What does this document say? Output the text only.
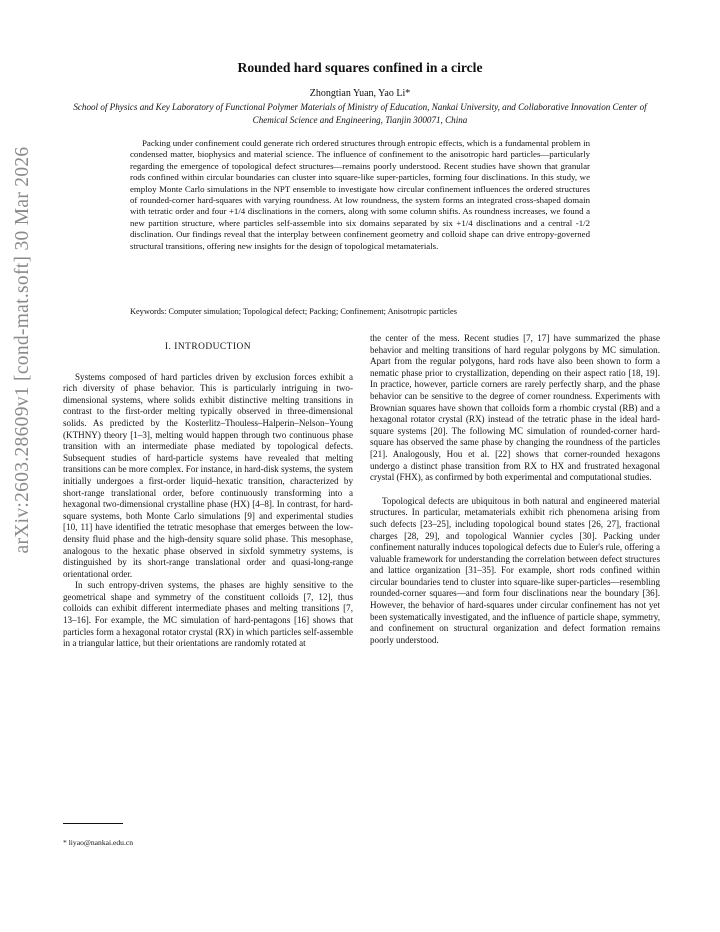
arXiv:2603.28609v1 [cond-mat.soft] 30 Mar 2026
Rounded hard squares confined in a circle
Zhongtian Yuan, Yao Li*
School of Physics and Key Laboratory of Functional Polymer Materials of Ministry of Education, Nankai University, and Collaborative Innovation Center of Chemical Science and Engineering, Tianjin 300071, China

Packing under confinement could generate rich ordered structures through entropic effects, which is a fundamental problem in condensed matter, biophysics and material science. The influence of confinement to the anisotropic hard particles—particularly regarding the emergence of topological defect structures—remains poorly understood. Recent studies have shown that granular rods confined within circular boundaries can cluster into square-like super-particles, forming four disclinations. In this study, we employ Monte Carlo simulations in the NPT ensemble to investigate how circular confinement influences the ordered structures of rounded-corner hard-squares with varying roundness. At low roundness, the system forms an integrated cross-shaped domain with tetratic order and four +1/4 disclinations in the corners, along with some column shifts. As roundness increases, we found a new partition structure, where particles self-assemble into six domains separated by six +1/4 disclinations and a central -1/2 disclination. Our findings reveal that the interplay between confinement geometry and colloid shape can drive entropy-governed structural transitions, offering new insights for the design of topological metamaterials.

Keywords: Computer simulation; Topological defect; Packing; Confinement; Anisotropic particles
I. INTRODUCTION

Systems composed of hard particles driven by exclusion forces exhibit a rich diversity of phase behavior. This is particularly intriguing in two-dimensional systems, where solids exhibit distinctive melting transitions in contrast to the first-order melting typically observed in three-dimensional solids. As predicted by the Kosterlitz–Thouless–Halperin–Nelson–Young (KTHNY) theory [1–3], melting would happen through two continuous phase transition with an intermediate phase mediated by topological defects. Subsequent studies of hard-particle systems have revealed that melting transitions can be more complex. For instance, in hard-disk systems, the system initially undergoes a first-order liquid–hexatic transition, characterized by short-range translational order, before continuously transforming into a hexagonal two-dimensional crystalline phase (HX) [4–8]. In contrast, for hard-square systems, both Monte Carlo simulations [9] and experimental studies [10, 11] have identified the tetratic mesophase that emerges between the low-density fluid phase and the high-density square solid phase. This mesophase, analogous to the hexatic phase observed in sixfold symmetry systems, is distinguished by its short-range translational order and quasi-long-range orientational order.

In such entropy-driven systems, the phases are highly sensitive to the geometrical shape and symmetry of the constituent colloids [7, 12], thus colloids can exhibit different intermediate phases and melting transitions [7, 13–16]. For example, the MC simulation of hard-pentagons [16] shows that particles form a hexagonal rotator crystal (RX) in which particles self-assemble in a triangular lattice, but their orientations are randomly rotated at

the center of the mess. Recent studies [7, 17] have summarized the phase behavior and melting transitions of hard regular polygons by MC simulation. Apart from the regular polygons, hard rods have also been shown to form a nematic phase prior to crystallization, depending on their aspect ratio [18, 19]. In practice, however, particle corners are rarely perfectly sharp, and the phase behavior can be sensitive to the degree of corner roundness. Experiments with Brownian squares have shown that colloids form a rhombic crystal (RB) and a hexagonal rotator crystal (RX) instead of the tetratic phase in the ideal hard-square systems [20]. The following MC simulation of rounded-corner hard-square has observed the same phase by changing the roundness of the particles [21]. Analogously, Hou et al. [22] shows that corner-rounded hexagons undergo a distinct phase transition from RX to HX and frustrated hexagonal crystal (FHX), as confirmed by both experimental and computational studies.

Topological defects are ubiquitous in both natural and engineered material structures. In particular, metamaterials exhibit rich phenomena arising from such defects [23–25], including topological bound states [26, 27], fractional charges [28, 29], and topological Wannier cycles [30]. Packing under confinement naturally induces topological defects due to Euler's rule, offering a valuable framework for understanding the correlation between defect structures and lattice organization [31–35]. For example, short rods confined within circular boundaries tend to cluster into square-like super-particles—resembling rounded-corner squares—and form four disclinations near the boundary [36]. However, the behavior of hard-squares under circular confinement has not yet been systematically investigated, and the influence of particle shape, symmetry, and confinement on structural organization and defect formation remains poorly understood.

* liyao@nankai.edu.cn
